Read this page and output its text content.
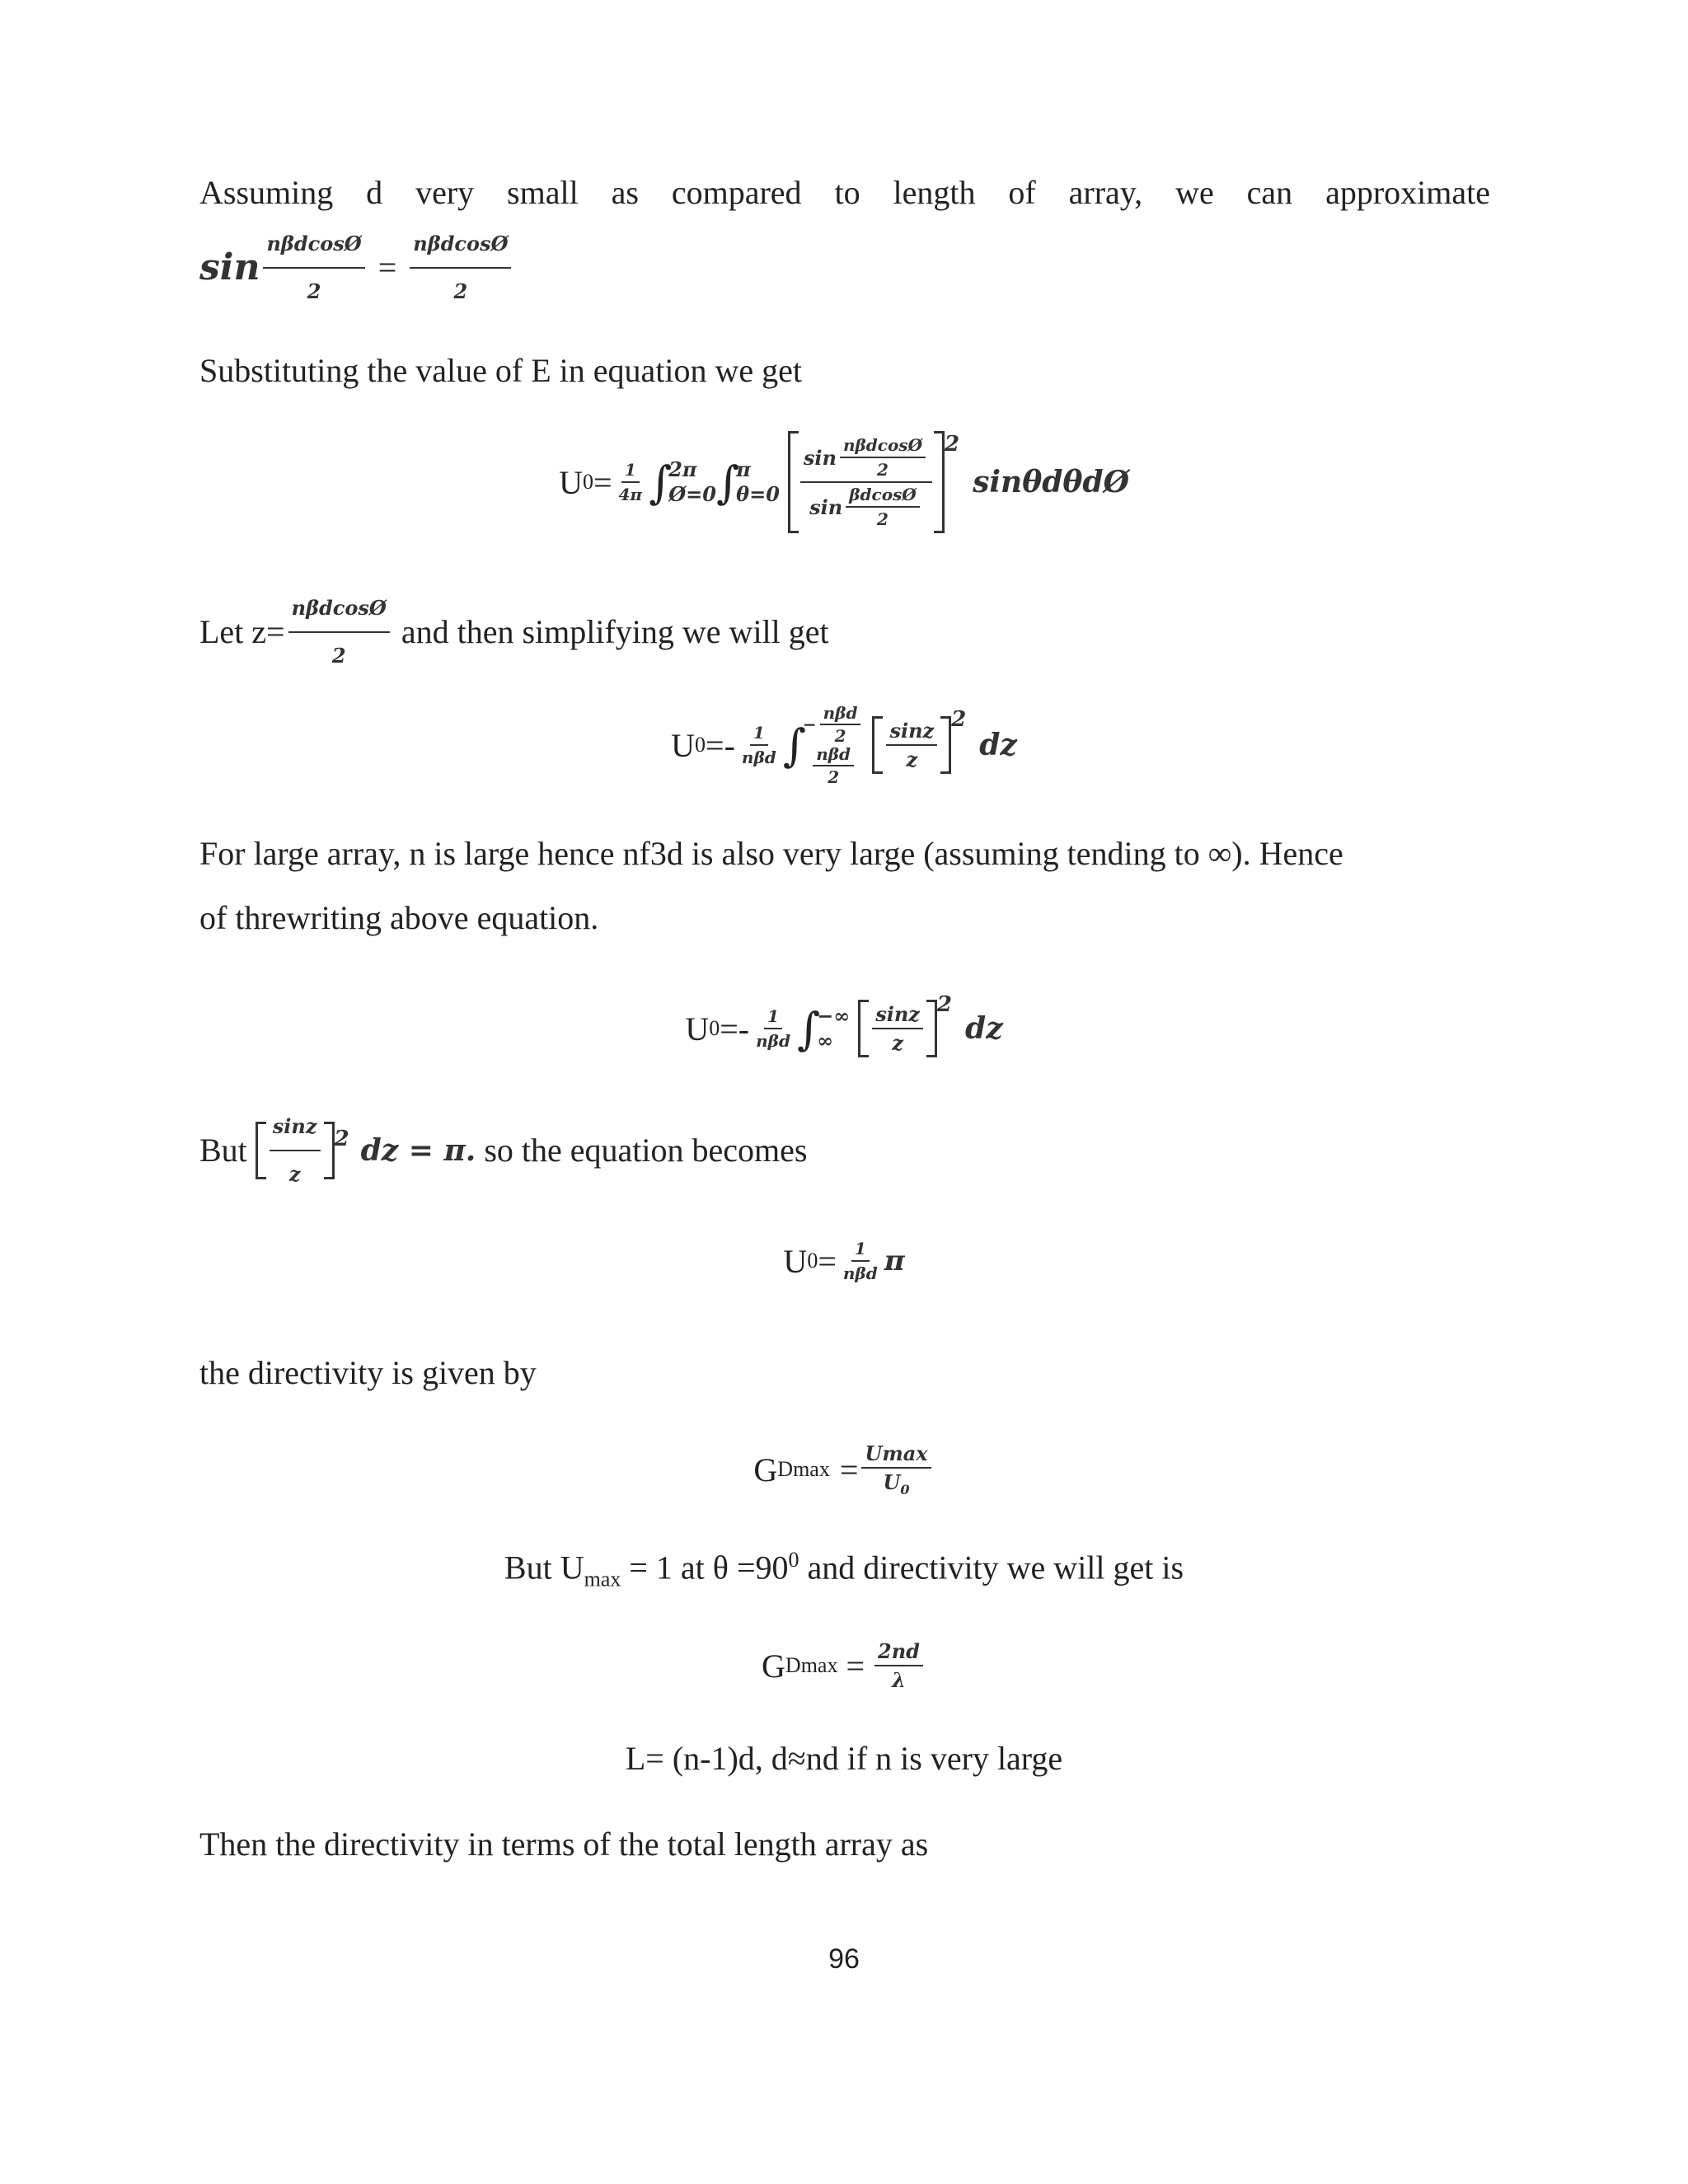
Assuming d very small as compared to length of array, we can approximate
$\sin \frac{\text{nβdcosØ}}{2} = \frac{\text{nβdcosØ}}{2}$
Substituting the value of E in equation we get
U $0 = \frac{1}{4\pi}$ ∫
2π
Ø=0 ∫
π
$\theta=0 \frac{\sin \frac{\text{nβdcosØ}}{2}}{\sin \frac{\beta dcosØ}{2}} 2$
sinθdθdØ
Let $z= \frac{\text{nβdcosØ}}{2}$ and then simplifying we will get
U $0 =- \frac{1}{\text{nβd}}$ ∫
− $\frac{\text{nβd}}{2}$
$\frac{\text{nβd}}{2} \frac{\sin z}{z} 2$
dz
For large array, n is large hence nf3d is also very large (assuming tending to ∞). Hence
of threwriting above equation.
U $0 =- \frac{1}{\text{nβd}}$ ∫
−∞
∞	$\frac{\sin z}{z} 2$
dz
But $\frac{\sin z}{z} 2$ dz = π. so the equation becomes
U $0 = \frac{1}{\text{nβd}}$ π
the directivity is given by
G $Dmax = \frac{Umax}{U_0}$
But $U_{max} = 1$ at $\theta =90^0$ and directivity we will get is
G $Dmax = \frac{2nd}{\lambda}$
L= (n-1)d, d≈nd if n is very large
Then the directivity in terms of the total length array as
96
